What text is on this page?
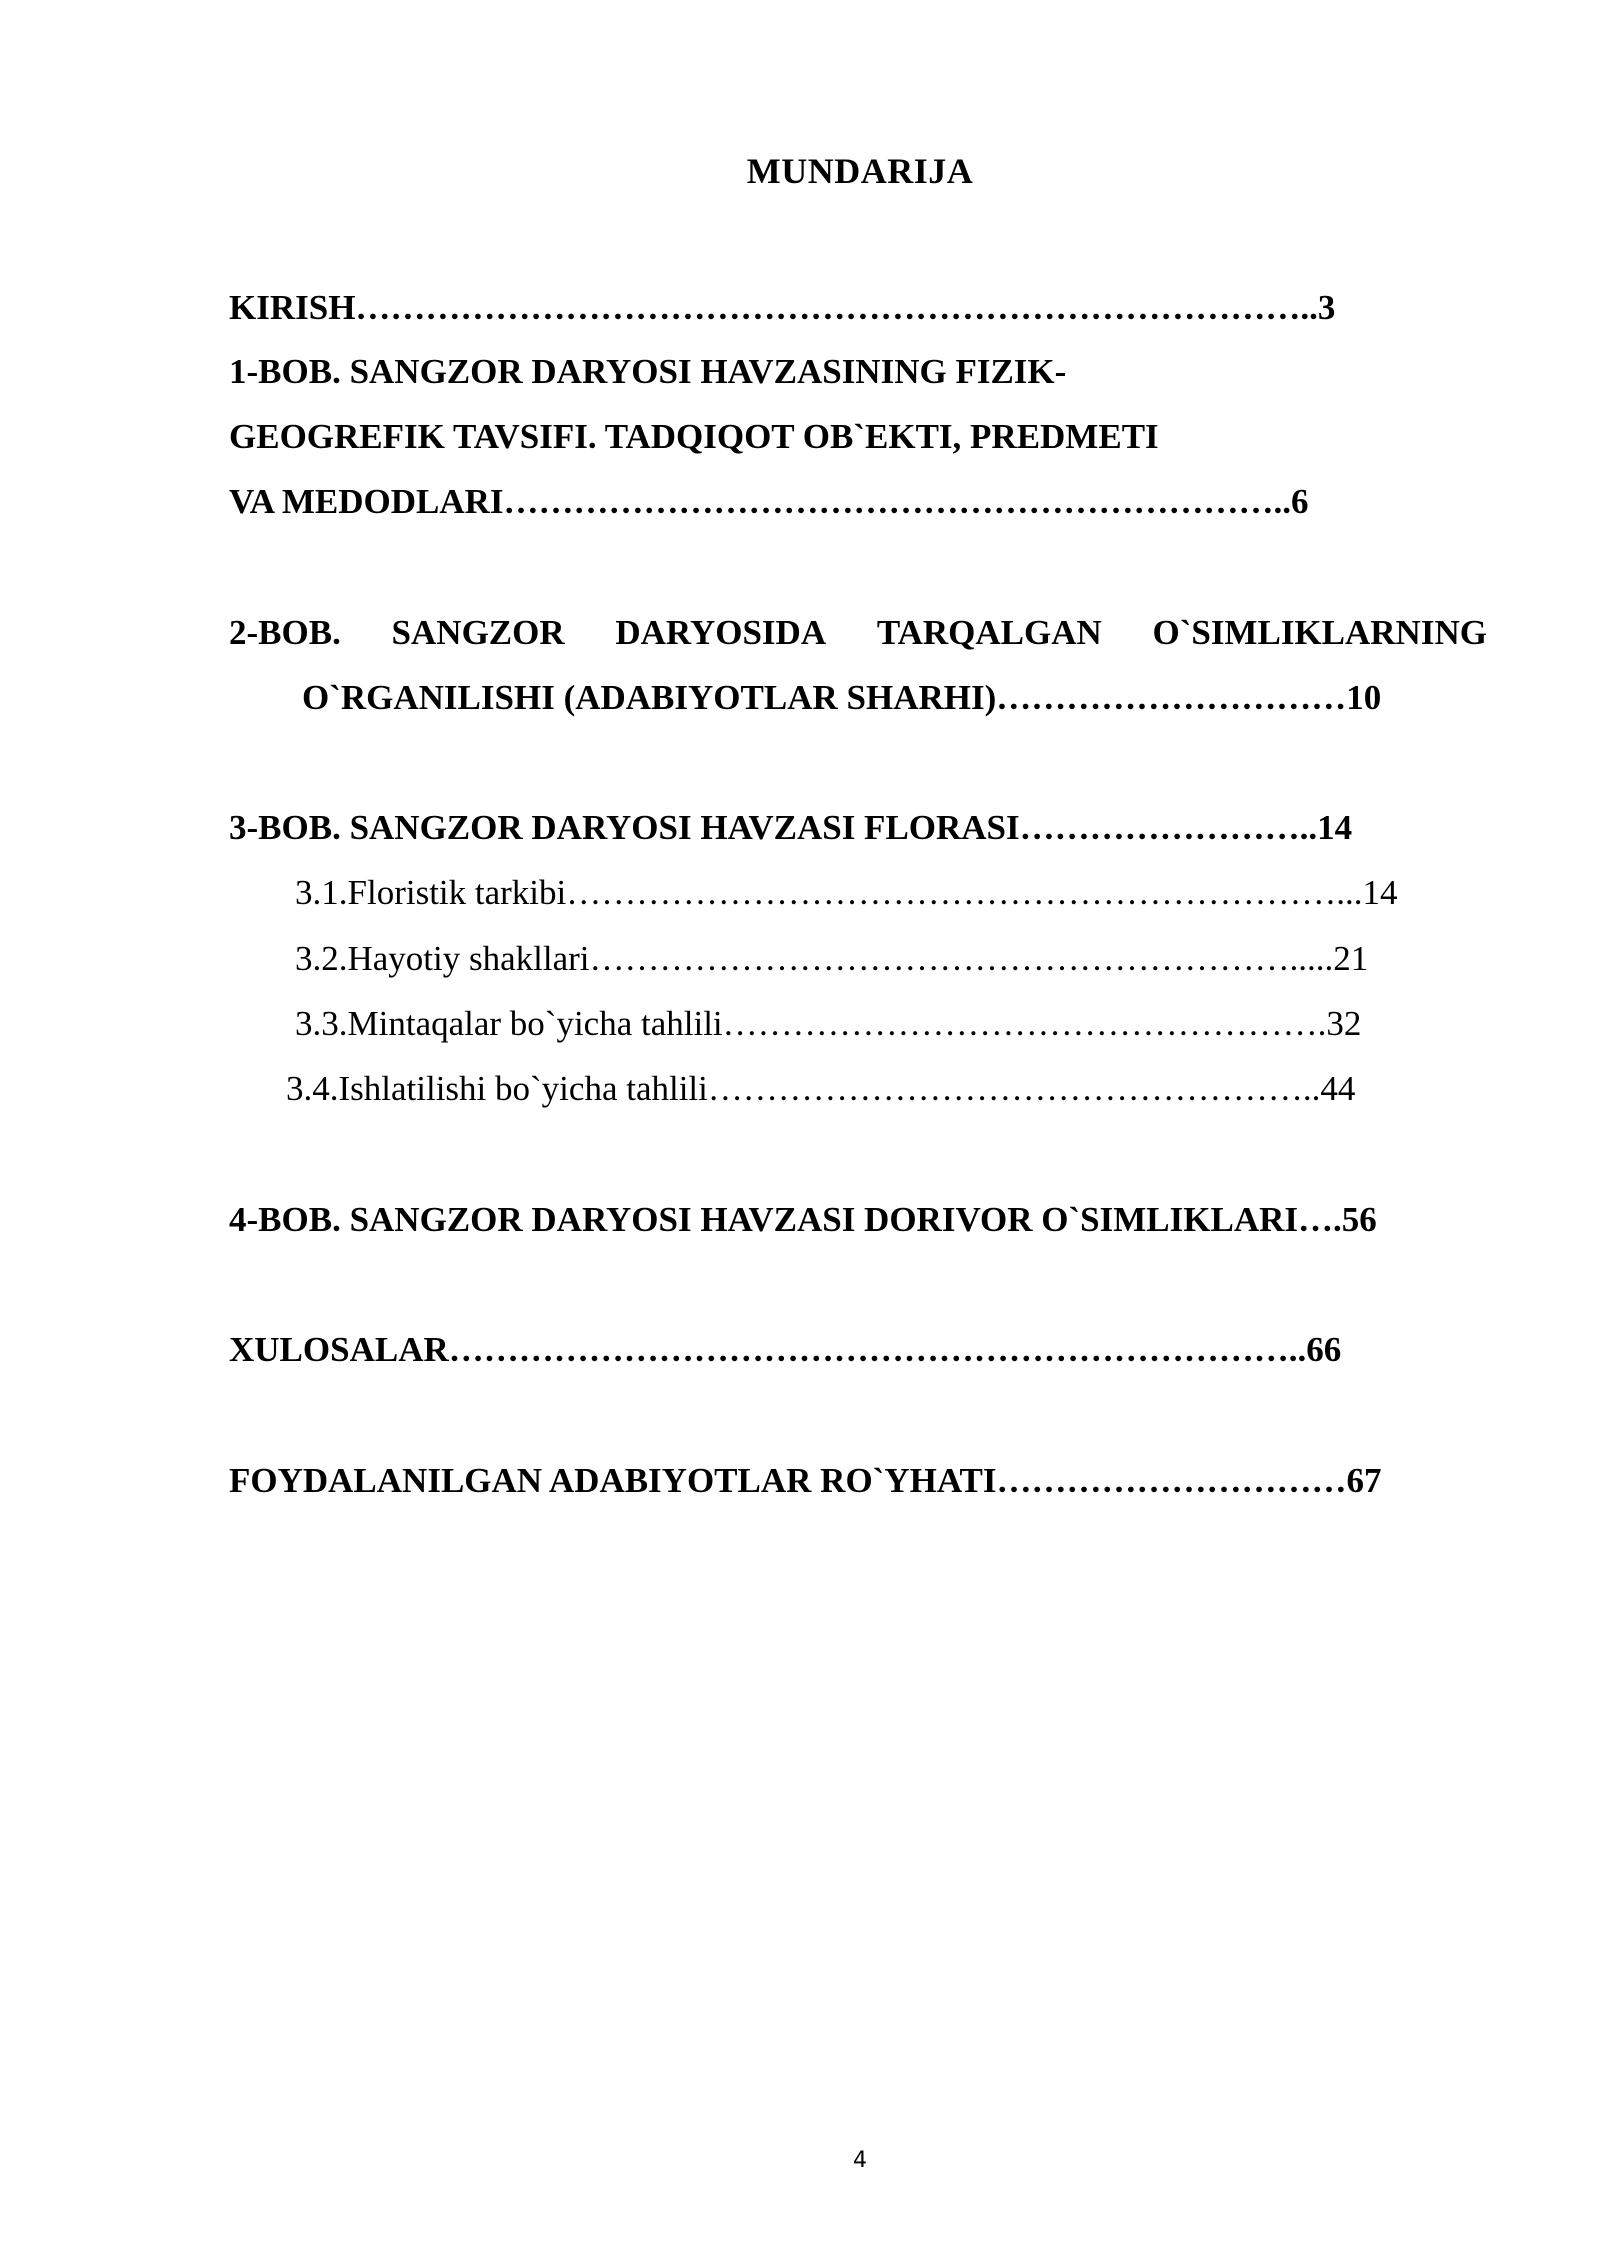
MUNDARIJA
KIRISH………………………………………………………………………..3
1-BOB. SANGZOR DARYOSI HAVZASINING FIZIK-
GEOGREFIK TAVSIFI. TADQIQOT OB`EKTI, PREDMETI
VA MEDODLARI…………………………………………………………..6
2-BOB. SANGZOR DARYOSIDA TARQALGAN O`SIMLIKLARNING
O`RGANILISHI (ADABIYOTLAR SHARHI)…………………………10
3-BOB. SANGZOR DARYOSI HAVZASI FLORASI……………………..14
3.1.Floristik tarkibi…………………………………………………………...14
3.2.Hayotiy shakllari…………………………………………………….....21
3.3.Mintaqalar bo`yicha tahlili…………………………………………….32
3.4.Ishlatilishi bo`yicha tahlili……………………………………………..44
4-BOB. SANGZOR DARYOSI HAVZASI DORIVOR O`SIMLIKLARI….56
XULOSALAR………………………………………………………………..66
FOYDALANILGAN ADABIYOTLAR RO`YHATI…………………………67
4
